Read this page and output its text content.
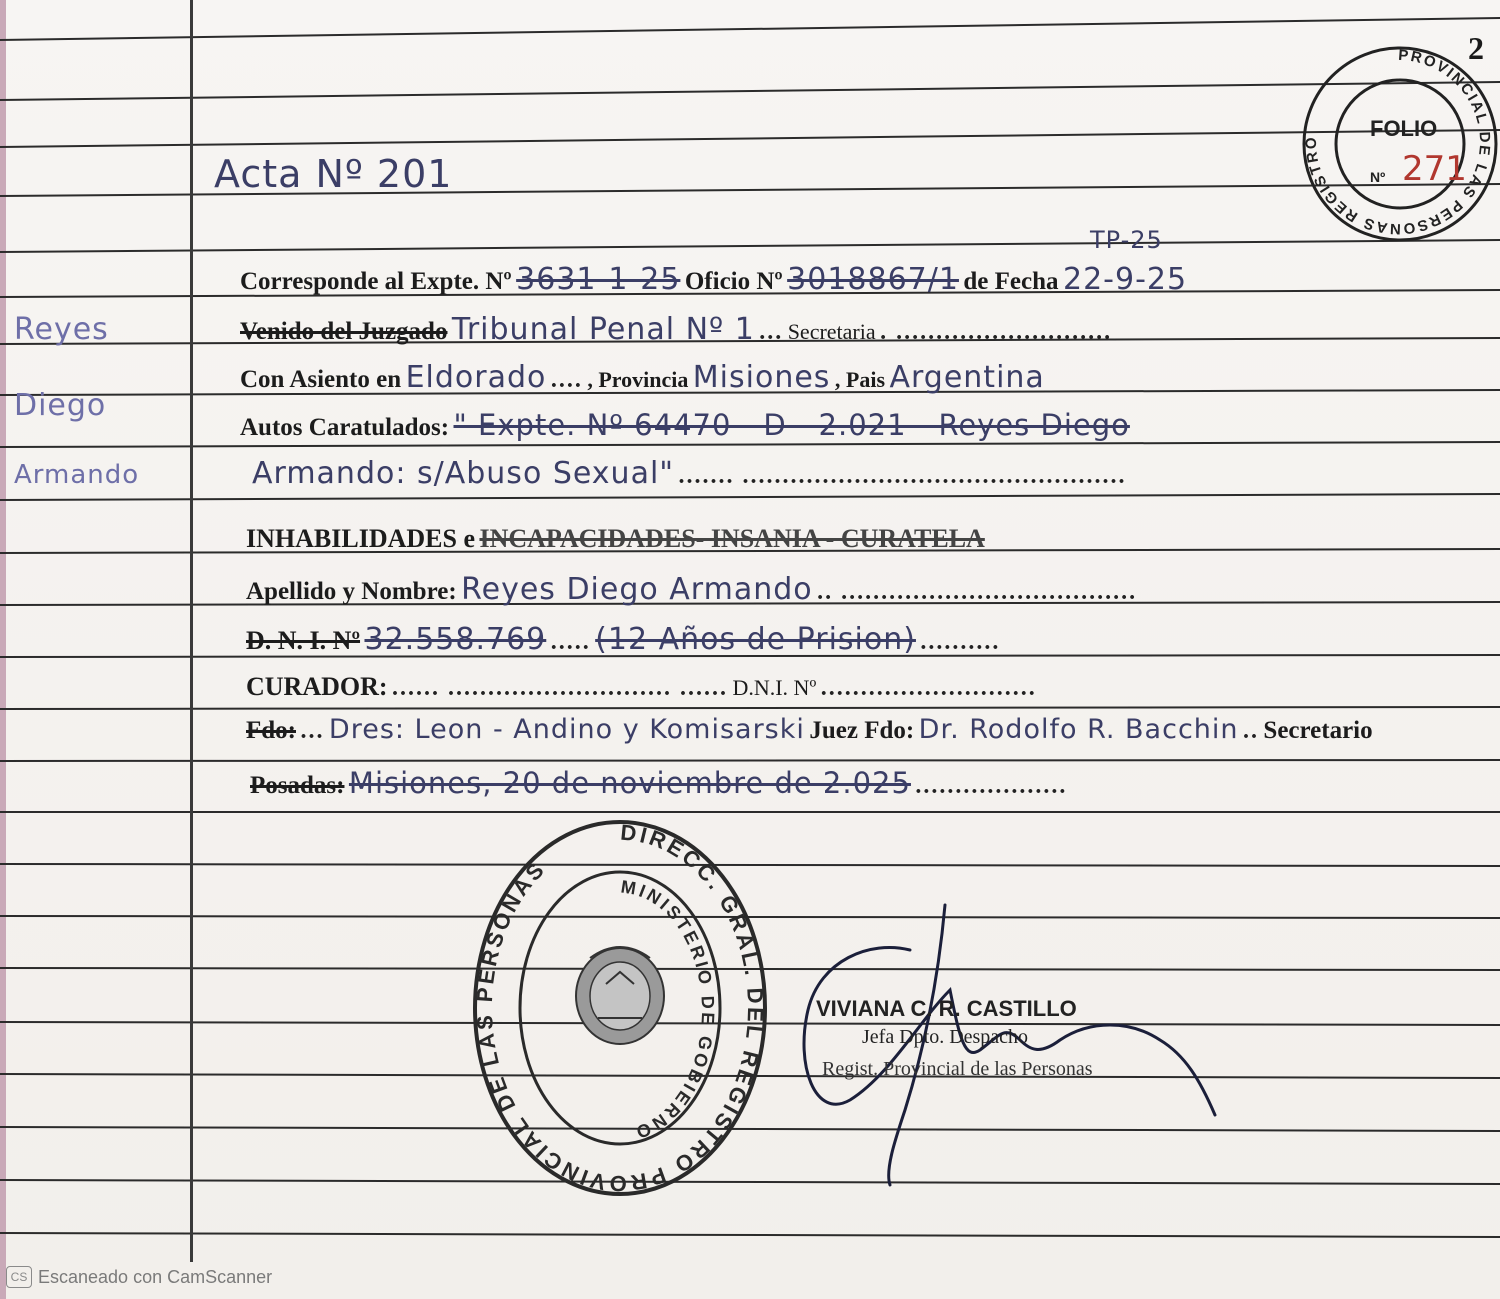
2
Acta Nº 201
PROVINCIAL DE LAS PERSONAS REGISTRO
FOLIO
Nº 271
Reyes
Diego
Armando
TP-25
Corresponde al Expte. Nº 3631-1-25 Oficio Nº 3018867/1 de Fecha 22-9-25
Venido del Juzgado Tribunal Penal Nº 1 ... Secretaria . ...........................
Con Asiento en Eldorado .... , Provincia Misiones , Pais Argentina
Autos Caratulados: " Expte. Nº 64470 - D - 2.021 - Reyes Diego
Armando: s/Abuso Sexual" ....... ................................................
INHABILIDADES e INCAPACIDADES- INSANIA - CURATELA
Apellido y Nombre: Reyes Diego Armando .. .....................................
D. N. I. Nº 32.558.769 ..... (12 Años de Prision) ..........
CURADOR: ...... ............................ ...... D.N.I. Nº ...........................
Fdo: ... Dres: Leon - Andino y Komisarski Juez Fdo: Dr. Rodolfo R. Bacchin .. Secretario
Posadas: Misiones, 20 de noviembre de 2.025 ...................
DIRECC. GRAL. DEL REGISTRO PROVINCIAL DE LAS PERSONAS
MINISTERIO DE GOBIERNO
VIVIANA C. R. CASTILLO
Jefa Dpto. Despacho
Regist. Provincial de las Personas
CS Escaneado con CamScanner
